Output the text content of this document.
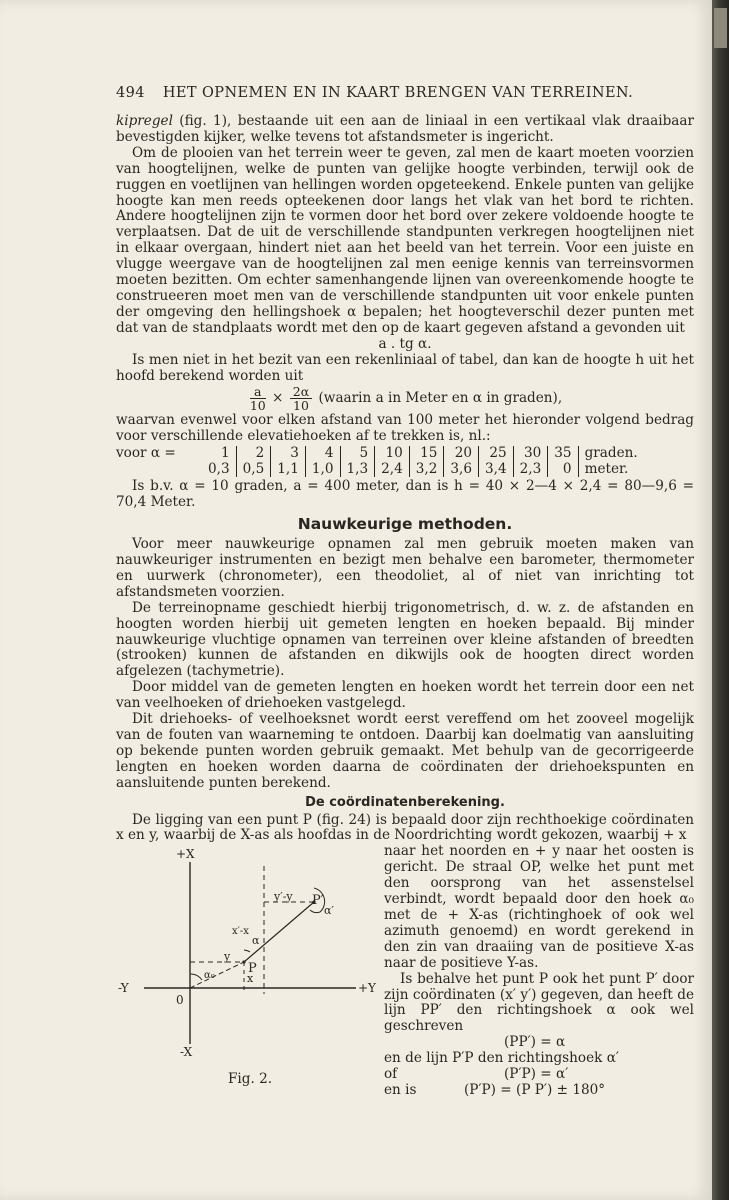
494 HET OPNEMEN EN IN KAART BRENGEN VAN TERREINEN.

kipregel (fig. 1), bestaande uit een aan de liniaal in een vertikaal vlak draaibaar bevestigden kijker, welke tevens tot afstandsmeter is ingericht.

Om de plooien van het terrein weer te geven, zal men de kaart moeten voorzien van hoogtelijnen, welke de punten van gelijke hoogte verbinden, terwijl ook de ruggen en voetlijnen van hellingen worden opgeteekend. Enkele punten van gelijke hoogte kan men reeds opteekenen door langs het vlak van het bord te richten. Andere hoogtelijnen zijn te vormen door het bord over zekere voldoende hoogte te verplaatsen. Dat de uit de verschillende standpunten verkregen hoogtelijnen niet in elkaar overgaan, hindert niet aan het beeld van het terrein. Voor een juiste en vlugge weergave van de hoogtelijnen zal men eenige kennis van terreinsvormen moeten bezitten. Om echter samenhangende lijnen van overeenkomende hoogte te construeeren moet men van de verschillende standpunten uit voor enkele punten der omgeving den hellingshoek α bepalen; het hoogteverschil dezer punten met dat van de standplaats wordt met den op de kaart gegeven afstand a gevonden uit

a . tg α.

Is men niet in het bezit van een rekenliniaal of tabel, dan kan de hoogte h uit het hoofd berekend worden uit

$\frac{a}{10} \times \frac{2\alpha}{10}$ (waarin a in Meter en α in graden),

waarvan evenwel voor elken afstand van 100 meter het hieronder volgend bedrag voor verschillende elevatiehoeken af te trekken is, nl.:

voor α =	1	2	3	4	5	10	15	20	25	30	35	graden.
	0,3	0,5	1,1	1,0	1,3	2,4	3,2	3,6	3,4	2,3	0	meter.

Is b.v. α = 10 graden, a = 400 meter, dan is h = 40 × 2—4 × 2,4 = 80—9,6 = 70,4 Meter.

Nauwkeurige methoden.

Voor meer nauwkeurige opnamen zal men gebruik moeten maken van nauwkeuriger instrumenten en bezigt men behalve een barometer, thermometer en uurwerk (chronometer), een theodoliet, al of niet van inrichting tot afstandsmeten voorzien.

De terreinopname geschiedt hierbij trigonometrisch, d. w. z. de afstanden en hoogten worden hierbij uit gemeten lengten en hoeken bepaald. Bij minder nauwkeurige vluchtige opnamen van terreinen over kleine afstanden of breedten (strooken) kunnen de afstanden en dikwijls ook de hoogten direct worden afgelezen (tachymetrie).

Door middel van de gemeten lengten en hoeken wordt het terrein door een net van veelhoeken of driehoeken vastgelegd.

Dit driehoeks- of veelhoeksnet wordt eerst vereffend om het zooveel mogelijk van de fouten van waarneming te ontdoen. Daarbij kan doelmatig van aansluiting op bekende punten worden gebruik gemaakt. Met behulp van de gecorrigeerde lengten en hoeken worden daarna de coördinaten der driehoekspunten en aansluitende punten berekend.

De coördinatenberekening.

De ligging van een punt P (fig. 24) is bepaald door zijn rechthoekige coördinaten x en y, waarbij de X-as als hoofdas in de Noordrichting wordt gekozen, waarbij + x

+X
-X
+Y
-Y
0
P
P′
x
y
y′-y
x′-x
α
α′
α₀
Fig. 2.

naar het noorden en + y naar het oosten is gericht. De straal OP, welke het punt met den oorsprong van het assenstelsel verbindt, wordt bepaald door den hoek α₀ met de + X-as (richtinghoek of ook wel azimuth genoemd) en wordt gerekend in den zin van draaiing van de positieve X-as naar de positieve Y-as.

Is behalve het punt P ook het punt P′ door zijn coördinaten (x′ y′) gegeven, dan heeft de lijn PP′ den richtingshoek α ook wel geschreven

(PP′) = α

en de lijn P′P den richtingshoek α′

of	(P′P) = α′
en is	(P′P) = (P P′) ± 180°
